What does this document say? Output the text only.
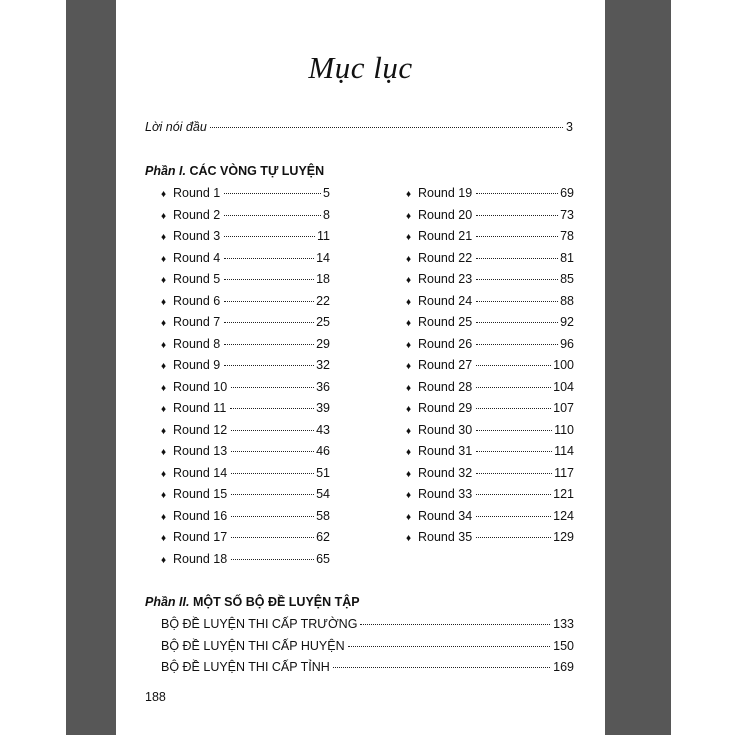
Mục lục
Lời nói đầu	3
Phần I. CÁC VÒNG TỰ LUYỆN
♦ Round 1	5
♦ Round 2	8
♦ Round 3	11
♦ Round 4	14
♦ Round 5	18
♦ Round 6	22
♦ Round 7	25
♦ Round 8	29
♦ Round 9	32
♦ Round 10	36
♦ Round 11	39
♦ Round 12	43
♦ Round 13	46
♦ Round 14	51
♦ Round 15	54
♦ Round 16	58
♦ Round 17	62
♦ Round 18	65
♦ Round 19	69
♦ Round 20	73
♦ Round 21	78
♦ Round 22	81
♦ Round 23	85
♦ Round 24	88
♦ Round 25	92
♦ Round 26	96
♦ Round 27	100
♦ Round 28	104
♦ Round 29	107
♦ Round 30	110
♦ Round 31	114
♦ Round 32	117
♦ Round 33	121
♦ Round 34	124
♦ Round 35	129
Phần II. MỘT SỐ BỘ ĐỀ LUYỆN TẬP
BỘ ĐỀ LUYỆN THI CẤP TRƯỜNG	133
BỘ ĐỀ LUYỆN THI CẤP HUYỆN	150
BỘ ĐỀ LUYỆN THI CẤP TỈNH	169
188
